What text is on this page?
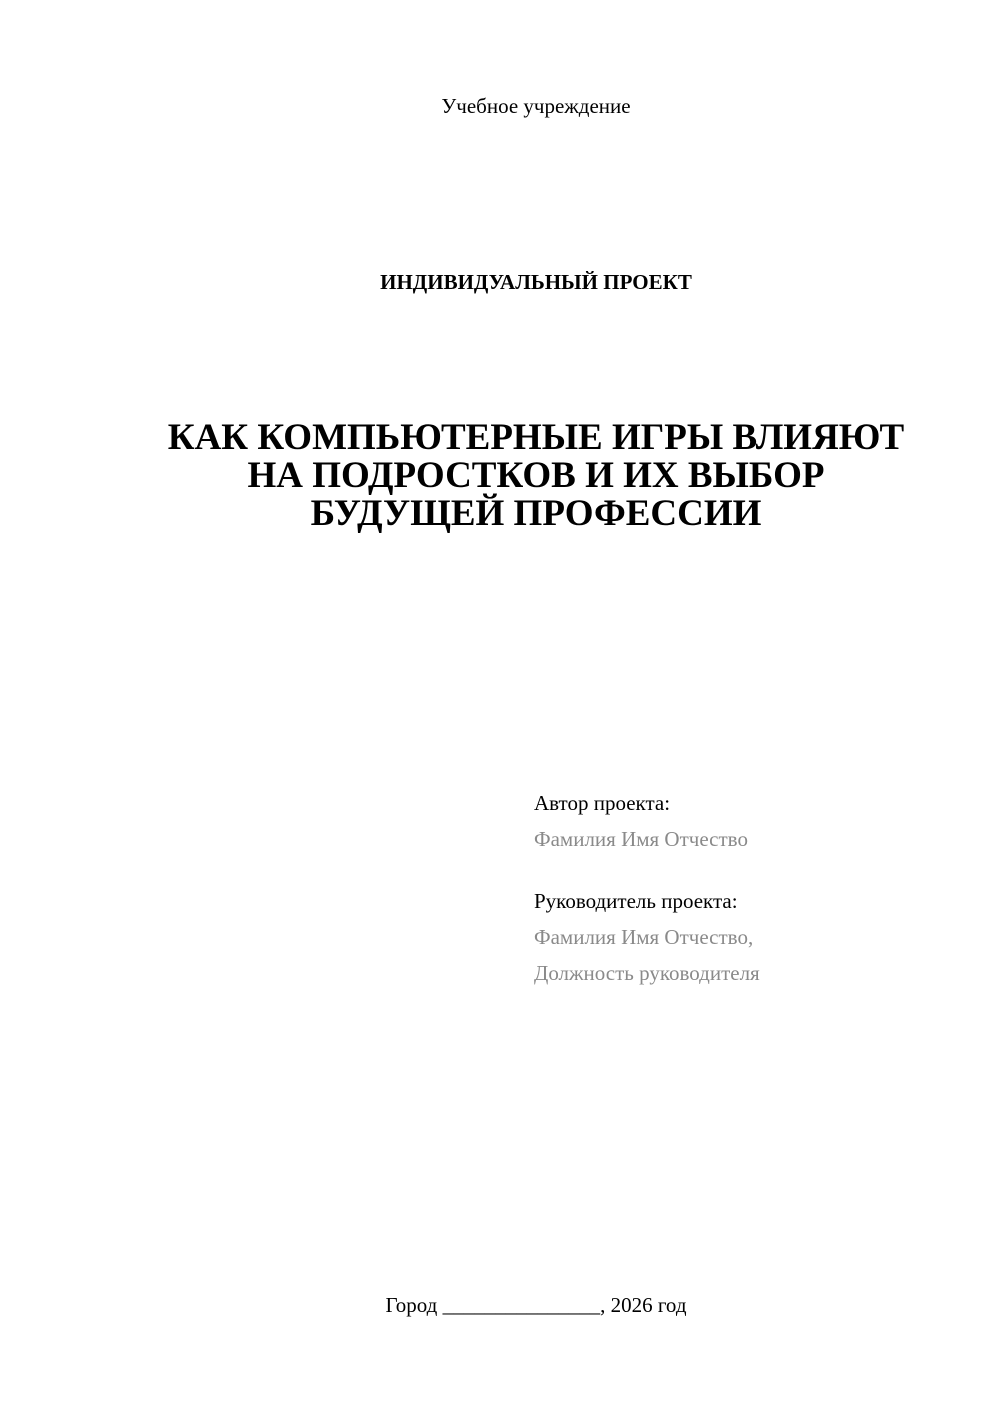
Учебное учреждение
ИНДИВИДУАЛЬНЫЙ ПРОЕКТ
КАК КОМПЬЮТЕРНЫЕ ИГРЫ ВЛИЯЮТ
НА ПОДРОСТКОВ И ИХ ВЫБОР
БУДУЩЕЙ ПРОФЕССИИ
Автор проекта:
Фамилия Имя Отчество
Руководитель проекта:
Фамилия Имя Отчество,
Должность руководителя
Город _______________, 2026 год
